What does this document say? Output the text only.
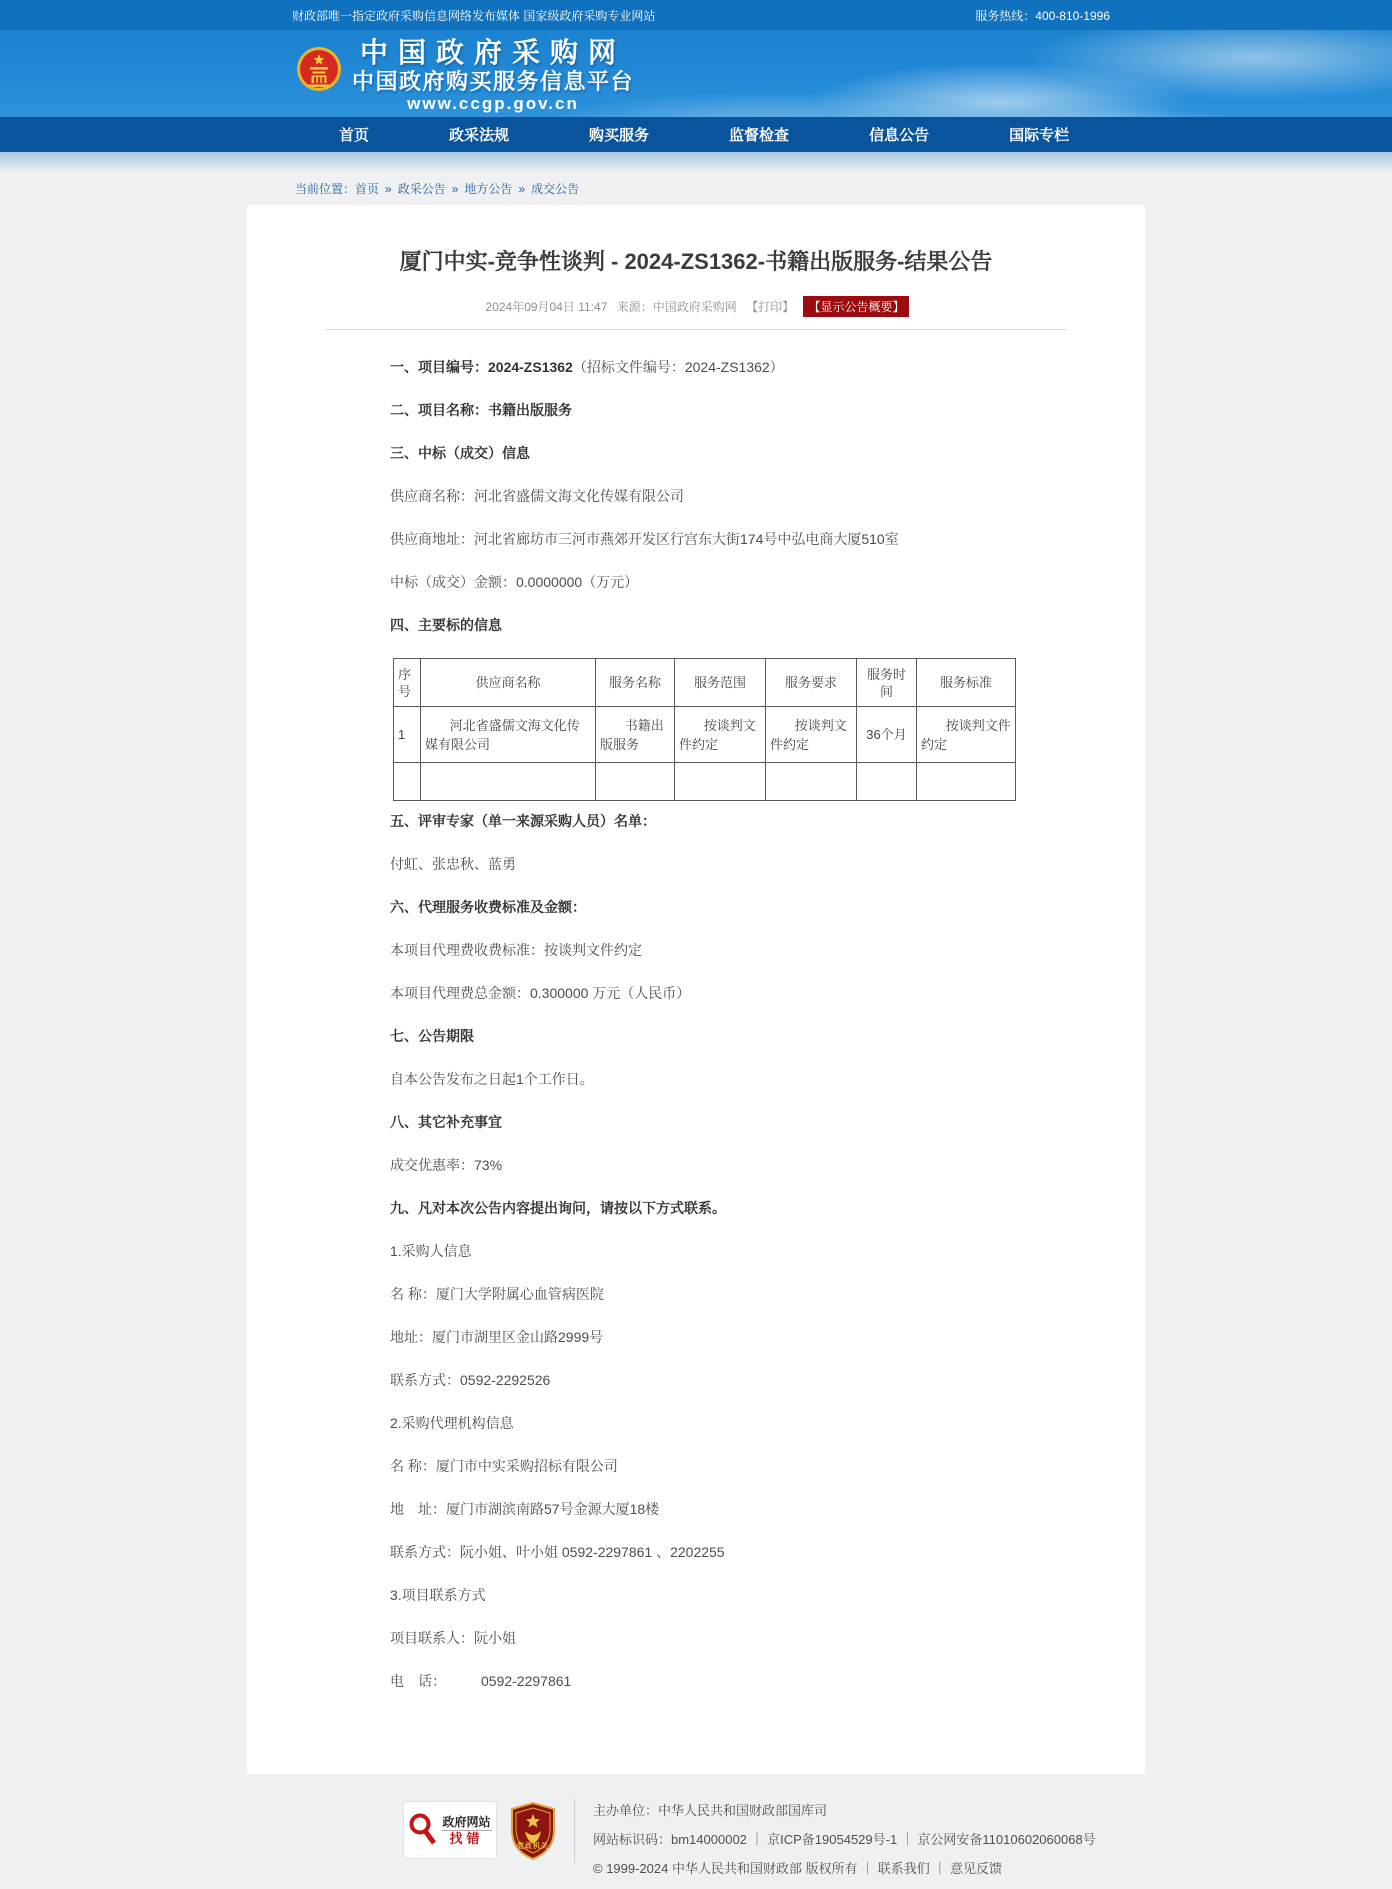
财政部唯一指定政府采购信息网络发布媒体 国家级政府采购专业网站	服务热线：400-810-1996
中国政府采购网
中国政府购买服务信息平台
www.ccgp.gov.cn
首页	政采法规	购买服务	监督检查	信息公告	国际专栏
当前位置：首页 » 政采公告 » 地方公告 » 成交公告
厦门中实-竞争性谈判 - 2024-ZS1362-书籍出版服务-结果公告
2024年09月04日 11:47 来源：中国政府采购网 【打印】 【显示公告概要】

一、项目编号：2024-ZS1362（招标文件编号：2024-ZS1362）

二、项目名称：书籍出版服务

三、中标（成交）信息

供应商名称：河北省盛儒文海文化传媒有限公司

供应商地址：河北省廊坊市三河市燕郊开发区行宫东大街174号中弘电商大厦510室

中标（成交）金额：0.0000000（万元）

四、主要标的信息

序号	供应商名称	服务名称	服务范围	服务要求	服务时间	服务标准
1	河北省盛儒文海文化传媒有限公司	书籍出版服务	按谈判文件约定	按谈判文件约定	36个月	按谈判文件约定

五、评审专家（单一来源采购人员）名单：

付虹、张忠秋、蓝勇

六、代理服务收费标准及金额：

本项目代理费收费标准：按谈判文件约定

本项目代理费总金额：0.300000 万元（人民币）

七、公告期限

自本公告发布之日起1个工作日。

八、其它补充事宜

成交优惠率：73%

九、凡对本次公告内容提出询问，请按以下方式联系。

1.采购人信息

名 称：厦门大学附属心血管病医院

地址：厦门市湖里区金山路2999号

联系方式：0592-2292526

2.采购代理机构信息

名 称：厦门市中实采购招标有限公司

地　址：厦门市湖滨南路57号金源大厦18楼

联系方式：阮小姐、叶小姐 0592-2297861 、2202255

3.项目联系方式

项目联系人：阮小姐

电　话：　　　0592-2297861

政府网站
找错
党政机关

主办单位：中华人民共和国财政部国库司

网站标识码：bm14000002 ｜ 京ICP备19054529号-1 ｜ 京公网安备11010602060068号

© 1999-2024 中华人民共和国财政部 版权所有 ｜ 联系我们 ｜ 意见反馈
